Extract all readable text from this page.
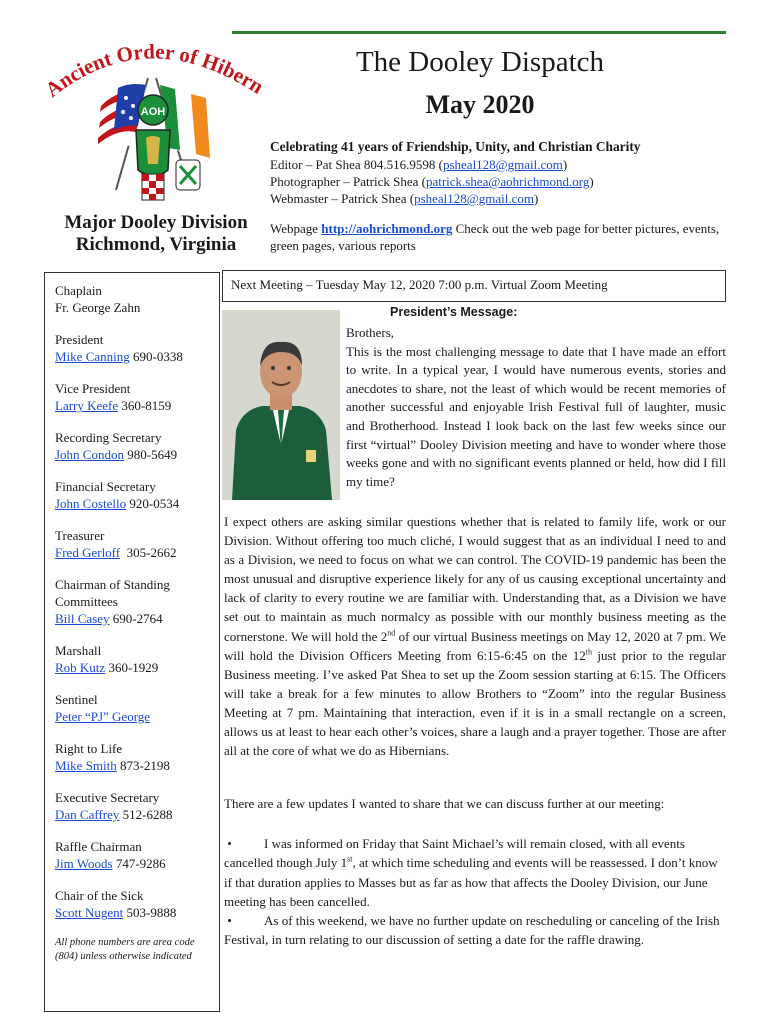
Ancient Order of Hibern
AOH
Major Dooley Division
Richmond, Virginia
The Dooley Dispatch
May 2020
Celebrating 41 years of Friendship, Unity, and Christian Charity
Editor – Pat Shea 804.516.9598 (psheal128@gmail.com)
Photographer – Patrick Shea (patrick.shea@aohrichmond.org)
Webmaster – Patrick Shea (psheal128@gmail.com)
Webpage http://aohrichmond.org Check out the web page for better pictures, events, green pages, various reports
Chaplain
Fr. George Zahn
President
Mike Canning 690-0338
Vice President
Larry Keefe 360-8159
Recording Secretary
John Condon 980-5649
Financial Secretary
John Costello 920-0534
Treasurer
Fred Gerloff  305-2662
Chairman of Standing Committees
Bill Casey 690-2764
Marshall
Rob Kutz 360-1929
Sentinel
Peter “PJ” George
Right to Life
Mike Smith 873-2198
Executive Secretary
Dan Caffrey 512-6288
Raffle Chairman
Jim Woods 747-9286
Chair of the Sick
Scott Nugent 503-9888
All phone numbers are area code (804) unless otherwise indicated
Next Meeting – Tuesday May 12, 2020 7:00 p.m. Virtual Zoom Meeting
President’s Message:
Brothers,
This is the most challenging message to date that I have made an effort to write. In a typical year, I would have numerous events, stories and anecdotes to share, not the least of which would be recent memories of another successful and enjoyable Irish Festival full of laughter, music and Brotherhood. Instead I look back on the last few weeks since our first “virtual” Dooley Division meeting and have to wonder where those weeks gone and with no significant events planned or held, how did I fill my time?
I expect others are asking similar questions whether that is related to family life, work or our Division. Without offering too much cliché, I would suggest that as an individual I need to and as a Division, we need to focus on what we can control. The COVID-19 pandemic has been the most unusual and disruptive experience likely for any of us causing exceptional uncertainty and lack of clarity to every routine we are familiar with. Understanding that, as a Division we have set out to maintain as much normalcy as possible with our monthly business meeting as the cornerstone. We will hold the 2nd of our virtual Business meetings on May 12, 2020 at 7 pm. We will hold the Division Officers Meeting from 6:15-6:45 on the 12th just prior to the regular Business meeting. I’ve asked Pat Shea to set up the Zoom session starting at 6:15. The Officers will take a break for a few minutes to allow Brothers to “Zoom” into the regular Business Meeting at 7 pm. Maintaining that interaction, even if it is in a small rectangle on a screen, allows us at least to hear each other’s voices, share a laugh and a prayer together. Those are after all at the core of what we do as Hibernians.
There are a few updates I wanted to share that we can discuss further at our meeting:
• I was informed on Friday that Saint Michael’s will remain closed, with all events cancelled though July 1st, at which time scheduling and events will be reassessed. I don’t know if that duration applies to Masses but as far as how that affects the Dooley Division, our June meeting has been cancelled.
• As of this weekend, we have no further update on rescheduling or canceling of the Irish Festival, in turn relating to our discussion of setting a date for the raffle drawing.
